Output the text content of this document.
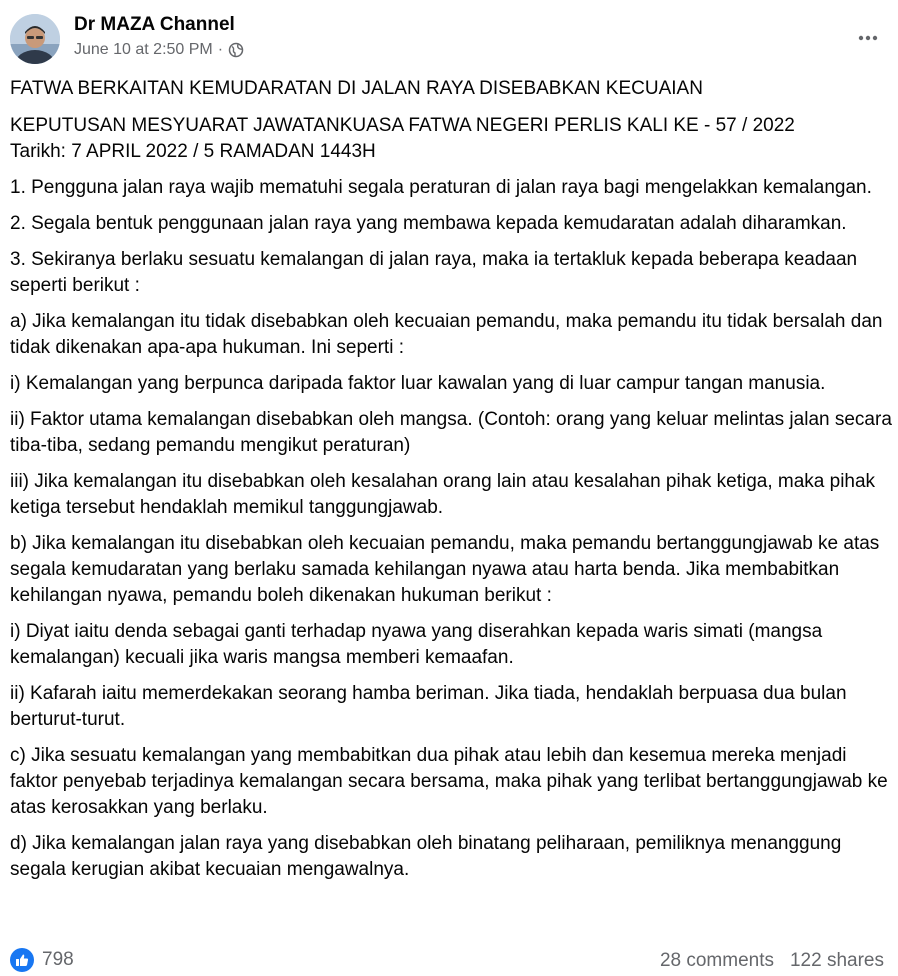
Dr MAZA Channel
June 10 at 2:50 PM ·

FATWA BERKAITAN KEMUDARATAN DI JALAN RAYA DISEBABKAN KECUAIAN

KEPUTUSAN MESYUARAT JAWATANKUASA FATWA NEGERI PERLIS KALI KE - 57 / 2022
Tarikh: 7 APRIL 2022 / 5 RAMADAN 1443H

1. Pengguna jalan raya wajib mematuhi segala peraturan di jalan raya bagi mengelakkan kemalangan.

2. Segala bentuk penggunaan jalan raya yang membawa kepada kemudaratan adalah diharamkan.

3. Sekiranya berlaku sesuatu kemalangan di jalan raya, maka ia tertakluk kepada beberapa keadaan seperti berikut :

a) Jika kemalangan itu tidak disebabkan oleh kecuaian pemandu, maka pemandu itu tidak bersalah dan tidak dikenakan apa-apa hukuman. Ini seperti :

i) Kemalangan yang berpunca daripada faktor luar kawalan yang di luar campur tangan manusia.

ii) Faktor utama kemalangan disebabkan oleh mangsa. (Contoh: orang yang keluar melintas jalan secara tiba-tiba, sedang pemandu mengikut peraturan)

iii) Jika kemalangan itu disebabkan oleh kesalahan orang lain atau kesalahan pihak ketiga, maka pihak ketiga tersebut hendaklah memikul tanggungjawab.

b) Jika kemalangan itu disebabkan oleh kecuaian pemandu, maka pemandu bertanggungjawab ke atas segala kemudaratan yang berlaku samada kehilangan nyawa atau harta benda. Jika membabitkan kehilangan nyawa, pemandu boleh dikenakan hukuman berikut :

i) Diyat iaitu denda sebagai ganti terhadap nyawa yang diserahkan kepada waris simati (mangsa kemalangan) kecuali jika waris mangsa memberi kemaafan.

ii) Kafarah iaitu memerdekakan seorang hamba beriman. Jika tiada, hendaklah berpuasa dua bulan berturut-turut.

c) Jika sesuatu kemalangan yang membabitkan dua pihak atau lebih dan kesemua mereka menjadi faktor penyebab terjadinya kemalangan secara bersama, maka pihak yang terlibat bertanggungjawab ke atas kerosakkan yang berlaku.

d) Jika kemalangan jalan raya yang disebabkan oleh binatang peliharaan, pemiliknya menanggung segala kerugian akibat kecuaian mengawalnya.

798	28 comments 122 shares
